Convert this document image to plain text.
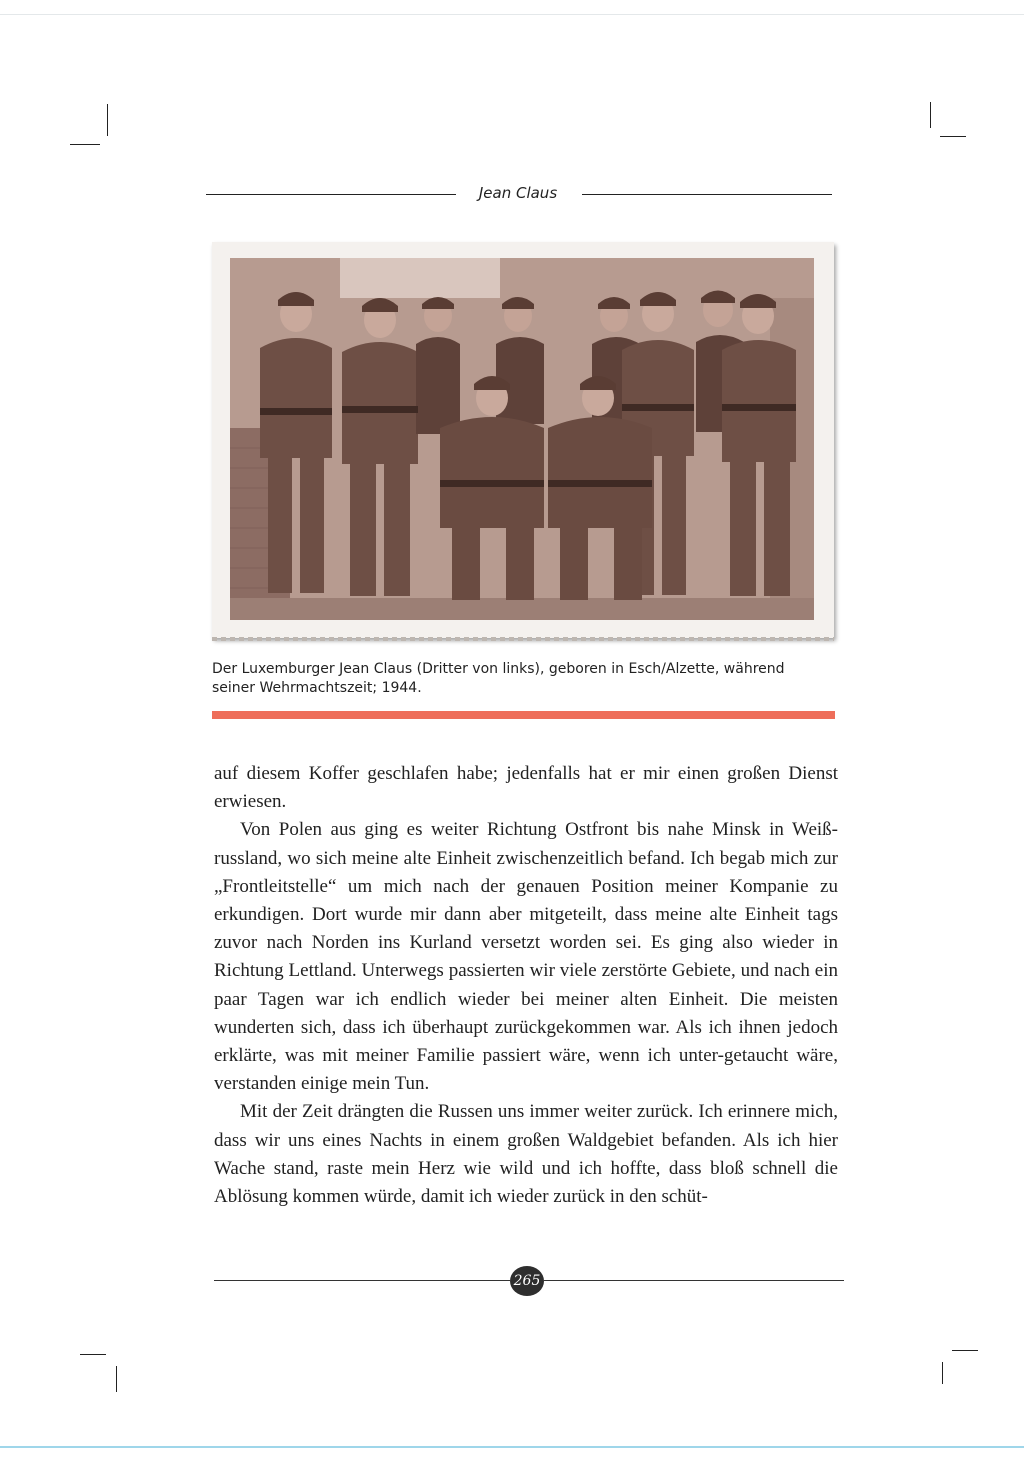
Jean Claus

Der Luxemburger Jean Claus (Dritter von links), geboren in Esch/Alzette, während

seiner Wehrmachtszeit; 1944.

auf diesem Koffer geschlafen habe; jedenfalls hat er mir einen großen Dienst erwiesen.

Von Polen aus ging es weiter Richtung Ostfront bis nahe Minsk in Weiß-russland, wo sich meine alte Einheit zwischenzeitlich befand. Ich begab mich zur „Frontleitstelle“ um mich nach der genauen Position meiner Kompanie zu erkundigen. Dort wurde mir dann aber mitgeteilt, dass meine alte Einheit tags zuvor nach Norden ins Kurland versetzt worden sei. Es ging also wieder in Richtung Lettland. Unterwegs passierten wir viele zerstörte Gebiete, und nach ein paar Tagen war ich endlich wieder bei meiner alten Einheit. Die meisten wunderten sich, dass ich überhaupt zurückgekommen war. Als ich ihnen jedoch erklärte, was mit meiner Familie passiert wäre, wenn ich unter-getaucht wäre, verstanden einige mein Tun.

Mit der Zeit drängten die Russen uns immer weiter zurück. Ich erinnere mich, dass wir uns eines Nachts in einem großen Waldgebiet befanden. Als ich hier Wache stand, raste mein Herz wie wild und ich hoffte, dass bloß schnell die Ablösung kommen würde, damit ich wieder zurück in den schüt-

265
